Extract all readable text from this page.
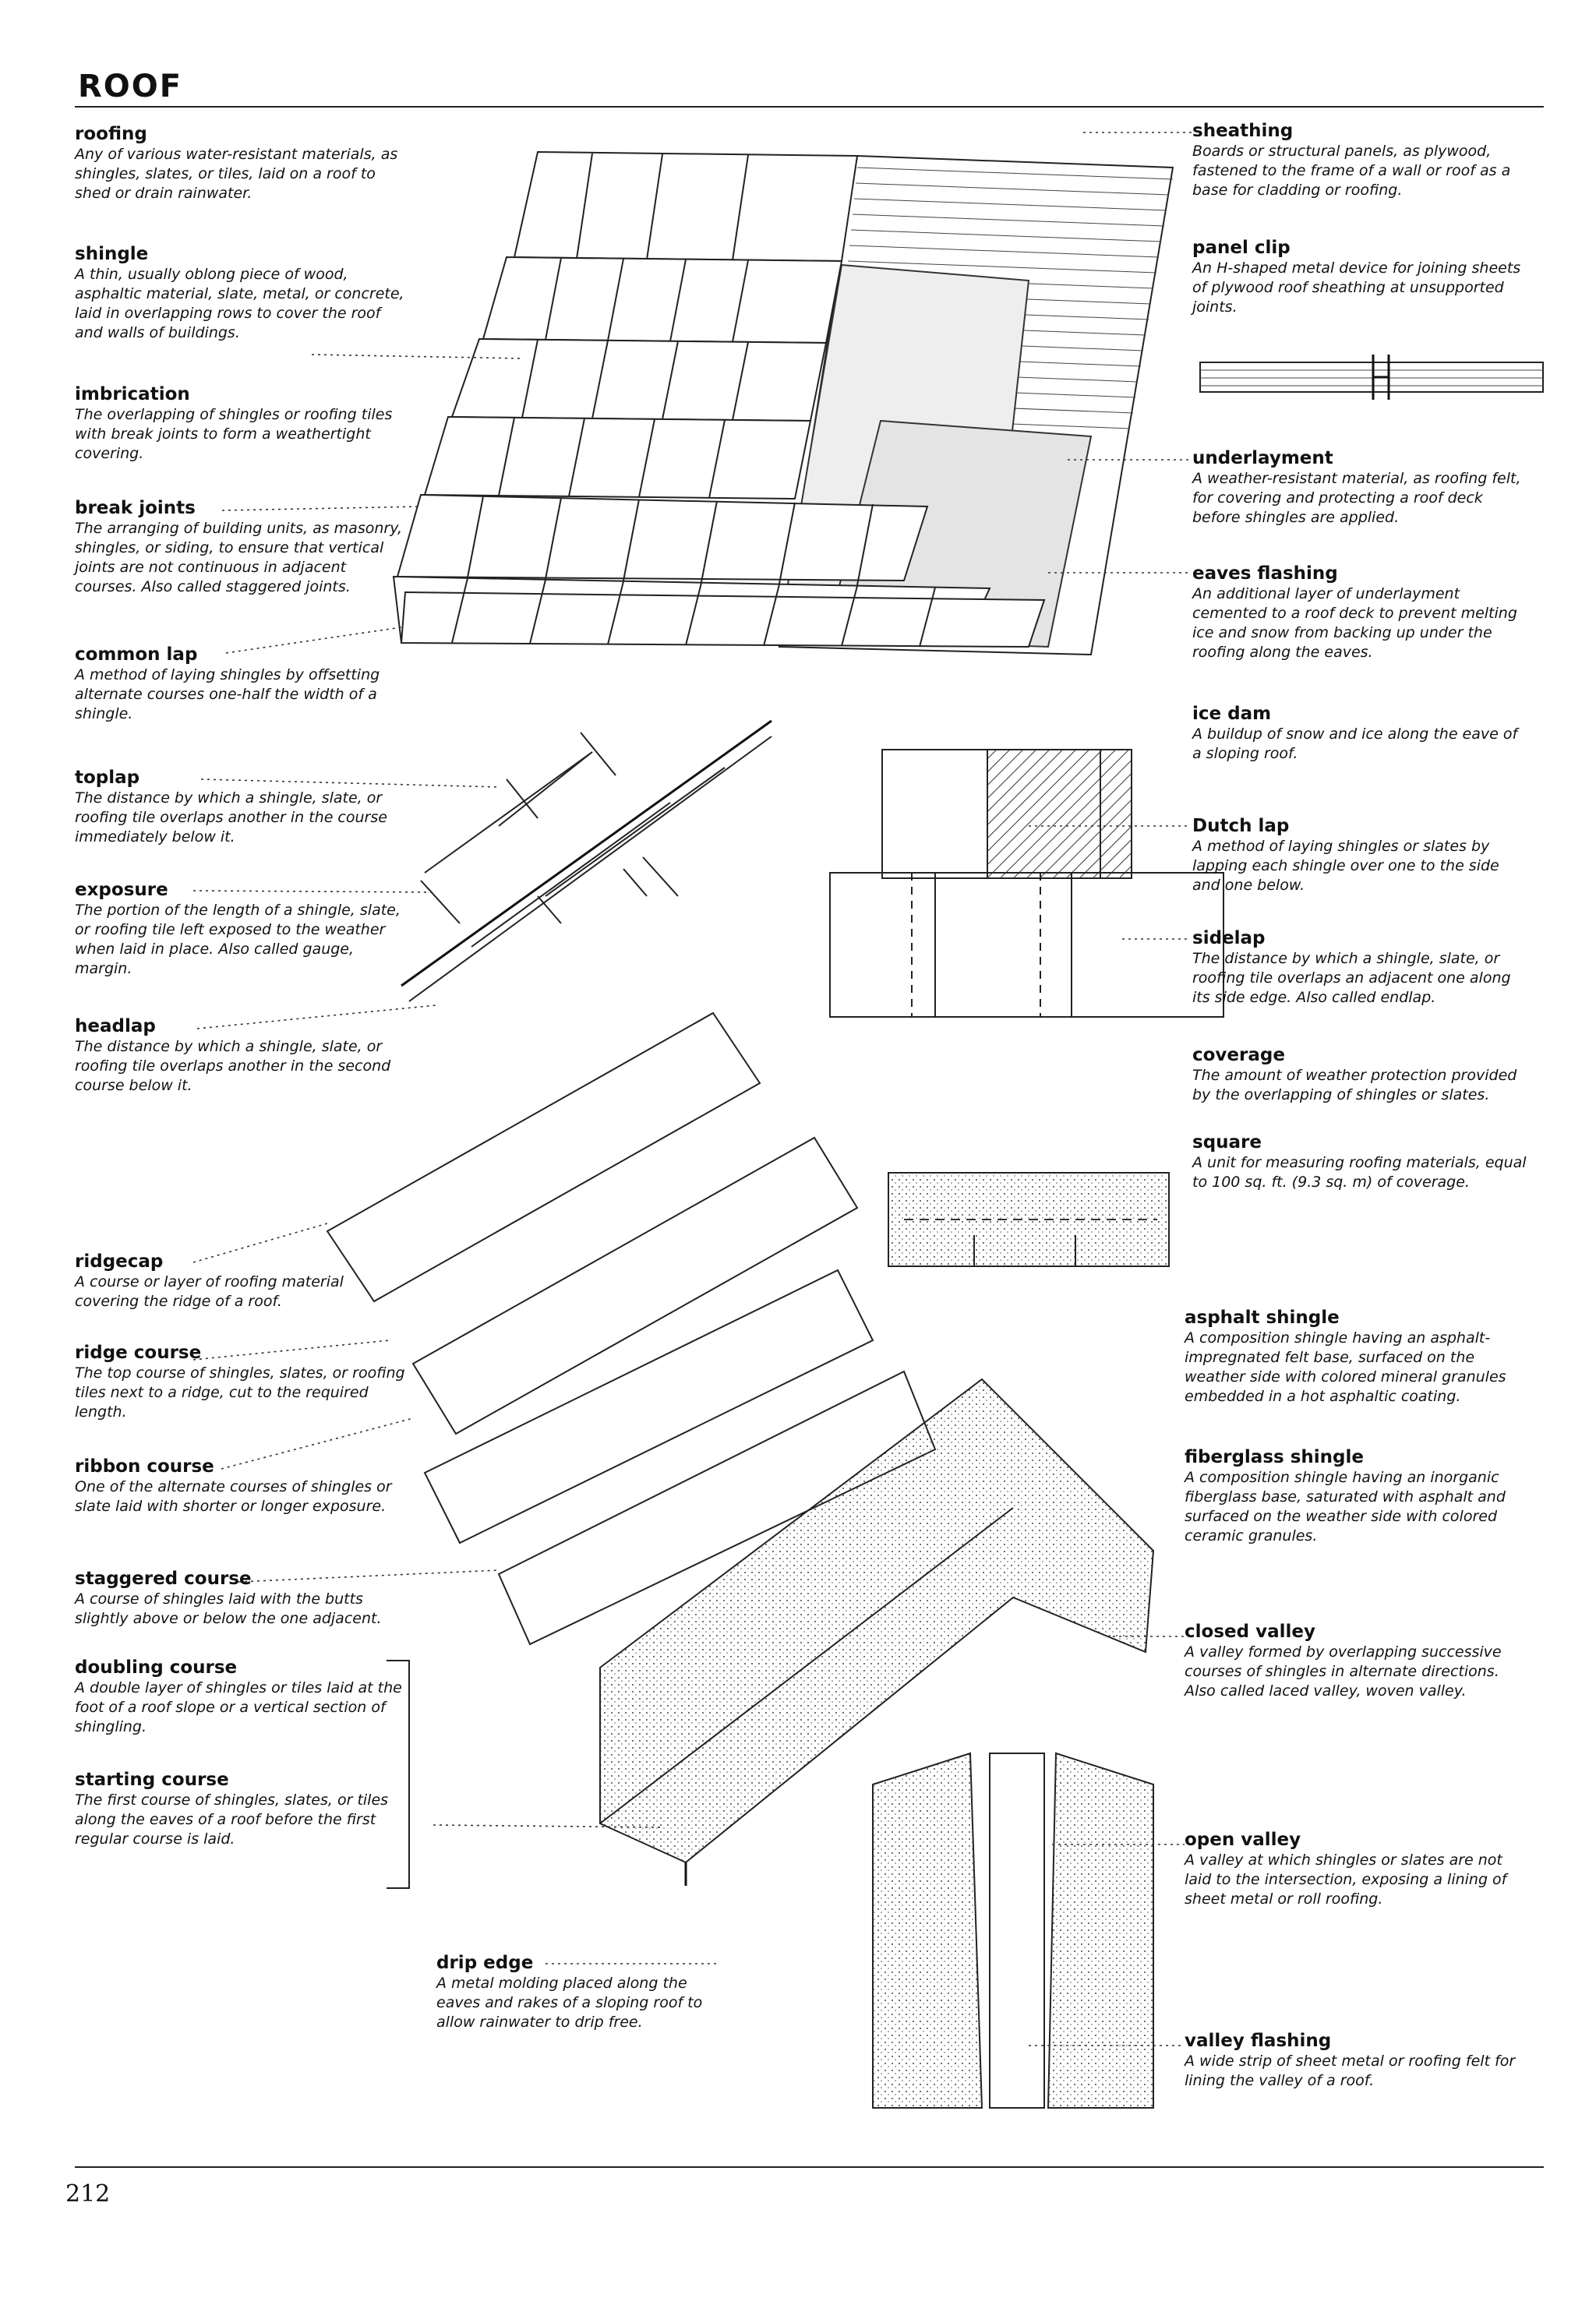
ROOF
roofing
Any of various water-resistant materials, as shingles, slates, or tiles, laid on a roof to shed or drain rainwater.
shingle
A thin, usually oblong piece of wood, asphaltic material, slate, metal, or concrete, laid in overlapping rows to cover the roof and walls of buildings.
imbrication
The overlapping of shingles or roofing tiles with break joints to form a weathertight covering.
break joints
The arranging of building units, as masonry, shingles, or siding, to ensure that vertical joints are not continuous in adjacent courses. Also called staggered joints.
common lap
A method of laying shingles by offsetting alternate courses one-half the width of a shingle.
toplap
The distance by which a shingle, slate, or roofing tile overlaps another in the course immediately below it.
exposure
The portion of the length of a shingle, slate, or roofing tile left exposed to the weather when laid in place. Also called gauge, margin.
headlap
The distance by which a shingle, slate, or roofing tile overlaps another in the second course below it.
ridgecap
A course or layer of roofing material covering the ridge of a roof.
ridge course
The top course of shingles, slates, or roofing tiles next to a ridge, cut to the required length.
ribbon course
One of the alternate courses of shingles or slate laid with shorter or longer exposure.
staggered course
A course of shingles laid with the butts slightly above or below the one adjacent.
doubling course
A double layer of shingles or tiles laid at the foot of a roof slope or a vertical section of shingling.
starting course
The first course of shingles, slates, or tiles along the eaves of a roof before the first regular course is laid.
drip edge
A metal molding placed along the eaves and rakes of a sloping roof to allow rainwater to drip free.
sheathing
Boards or structural panels, as plywood, fastened to the frame of a wall or roof as a base for cladding or roofing.
panel clip
An H-shaped metal device for joining sheets of plywood roof sheathing at unsupported joints.
underlayment
A weather-resistant material, as roofing felt, for covering and protecting a roof deck before shingles are applied.
eaves flashing
An additional layer of underlayment cemented to a roof deck to prevent melting ice and snow from backing up under the roofing along the eaves.
ice dam
A buildup of snow and ice along the eave of a sloping roof.
Dutch lap
A method of laying shingles or slates by lapping each shingle over one to the side and one below.
sidelap
The distance by which a shingle, slate, or roofing tile overlaps an adjacent one along its side edge. Also called endlap.
coverage
The amount of weather protection provided by the overlapping of shingles or slates.
square
A unit for measuring roofing materials, equal to 100 sq. ft. (9.3 sq. m) of coverage.
asphalt shingle
A composition shingle having an asphalt-impregnated felt base, surfaced on the weather side with colored mineral granules embedded in a hot asphaltic coating.
fiberglass shingle
A composition shingle having an inorganic fiberglass base, saturated with asphalt and surfaced on the weather side with colored ceramic granules.
closed valley
A valley formed by overlapping successive courses of shingles in alternate directions. Also called laced valley, woven valley.
open valley
A valley at which shingles or slates are not laid to the intersection, exposing a lining of sheet metal or roll roofing.
valley flashing
A wide strip of sheet metal or roofing felt for lining the valley of a roof.
212
